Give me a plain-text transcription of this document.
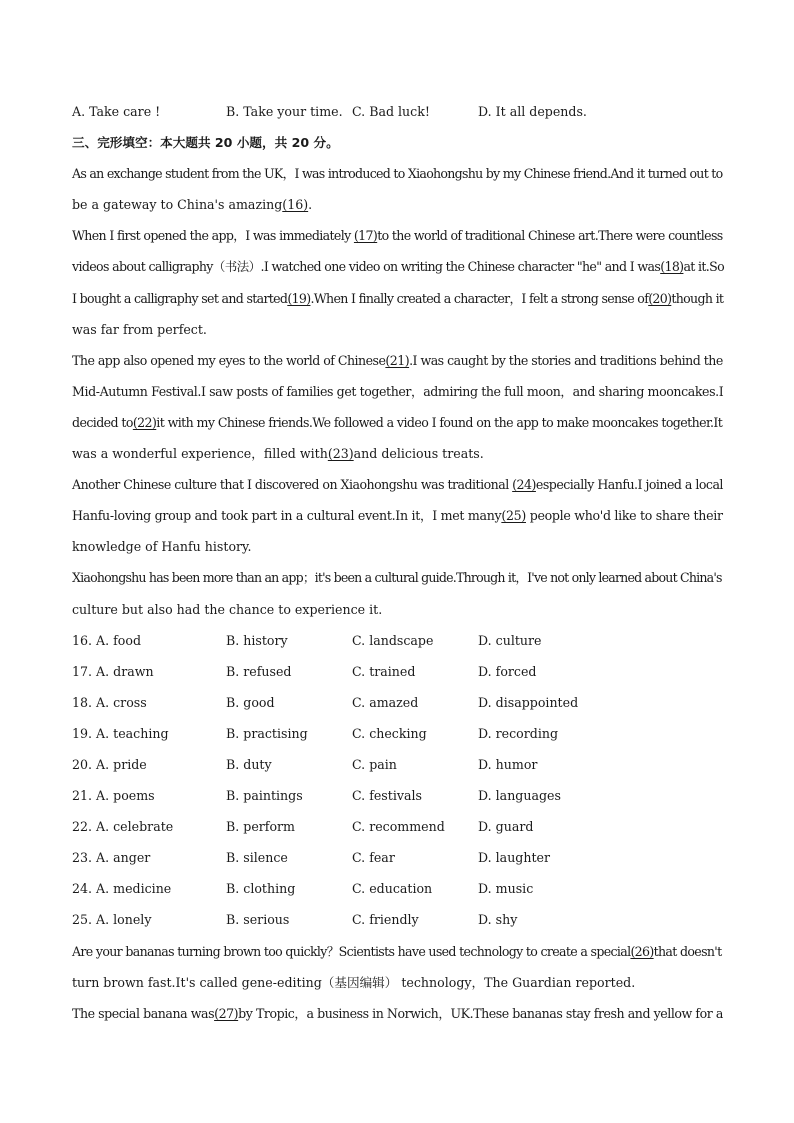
A. Take care !	B. Take your time. C. Bad luck!	D. It all depends.
三、完形填空：本大题共 20 小题，共 20 分。
As an exchange student from the UK，I was introduced to Xiaohongshu by my Chinese friend.And it turned out to
be a gateway to China's amazing(16).
When I first opened the app，I was immediately (17)to the world of traditional Chinese art.There were countless
videos about calligraphy（书法）.I watched one video on writing the Chinese character "he" and I was(18)at it.So
I bought a calligraphy set and started(19).When I finally created a character，I felt a strong sense of(20)though it
was far from perfect.
The app also opened my eyes to the world of Chinese(21).I was caught by the stories and traditions behind the
Mid-Autumn Festival.I saw posts of families get together，admiring the full moon，and sharing mooncakes.I
decided to(22)it with my Chinese friends.We followed a video I found on the app to make mooncakes together.It
was a wonderful experience，filled with(23)and delicious treats.
Another Chinese culture that I discovered on Xiaohongshu was traditional (24)especially Hanfu.I joined a local
Hanfu-loving group and took part in a cultural event.In it，I met many(25) people who'd like to share their
knowledge of Hanfu history.
Xiaohongshu has been more than an app；it's been a cultural guide.Through it，I've not only learned about China's
culture but also had the chance to experience it.
16. A. food	B. history	C. landscape	D. culture
17. A. drawn	B. refused	C. trained	D. forced
18. A. cross	B. good	C. amazed	D. disappointed
19. A. teaching	B. practising	C. checking	D. recording
20. A. pride	B. duty	C. pain	D. humor
21. A. poems	B. paintings	C. festivals	D. languages
22. A. celebrate	B. perform	C. recommend	D. guard
23. A. anger	B. silence	C. fear	D. laughter
24. A. medicine	B. clothing	C. education	D. music
25. A. lonely	B. serious	C. friendly	D. shy
Are your bananas turning brown too quickly？Scientists have used technology to create a special(26)that doesn't
turn brown fast.It's called gene-editing（基因编辑） technology，The Guardian reported.
The special banana was(27)by Tropic，a business in Norwich，UK.These bananas stay fresh and yellow for a
